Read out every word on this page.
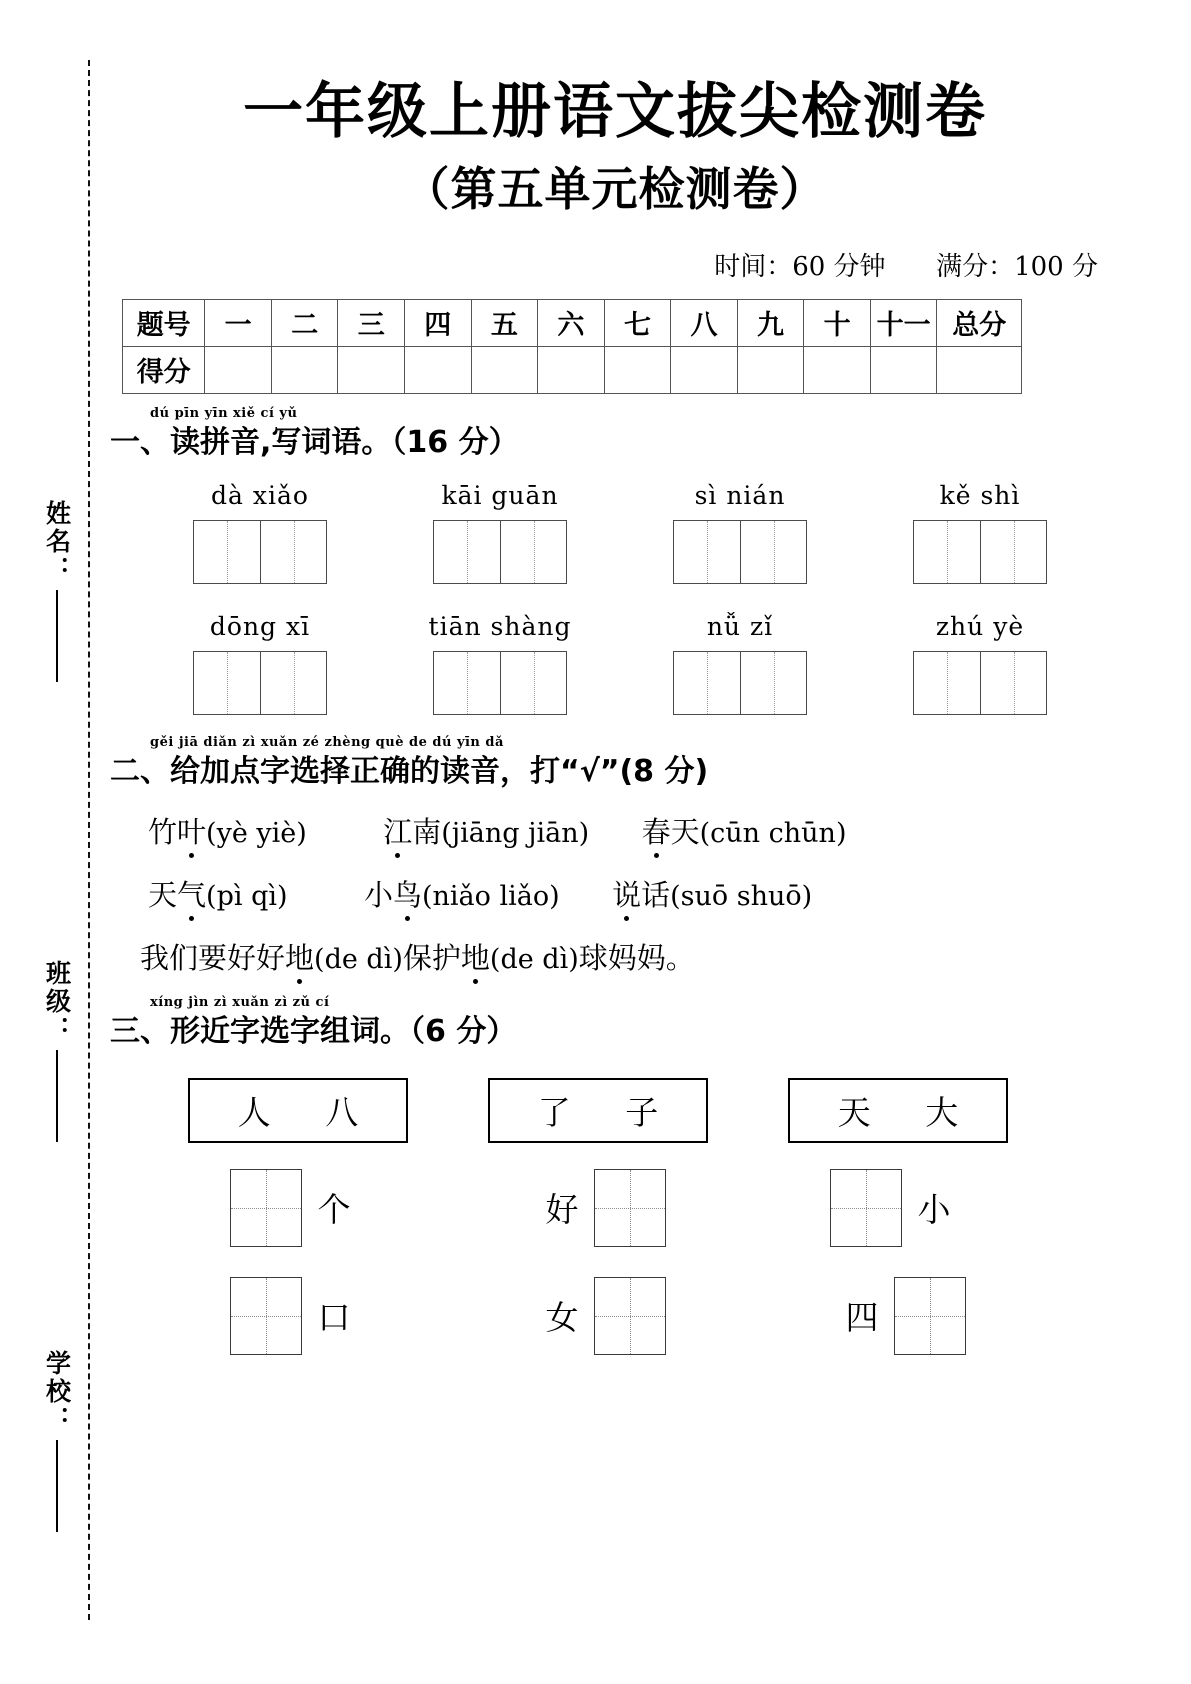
姓名：
班级：
学校：
一年级上册语文拔尖检测卷
（第五单元检测卷）
时间：60 分钟 满分：100 分
题号	一	二	三	四	五	六	七	八	九	十	十一	总分
得分												
dú pīn yīn xiě cí yǔ
一、读拼音,写词语。（16 分）
dà xiǎo	kāi guān	sì nián	kě shì
dōng xī	tiān shàng	nǚ zǐ	zhú yè
gěi jiā diǎn zì xuǎn zé zhèng què de dú yīn dǎ
二、给加点字选择正确的读音，打“√”(8 分)
竹叶(yè yiè)	江南(jiāng jiān) 春天(cūn chūn)
天气(pì qì)	小鸟(niǎo liǎo) 说话(suō shuō)
我们要好好地(de dì)保护地(de dì)球妈妈。
xíng jìn zì xuǎn zì zǔ cí
三、形近字选字组词。（6 分）
人 八	了 子	天 大
个	好	小
口	女	四
